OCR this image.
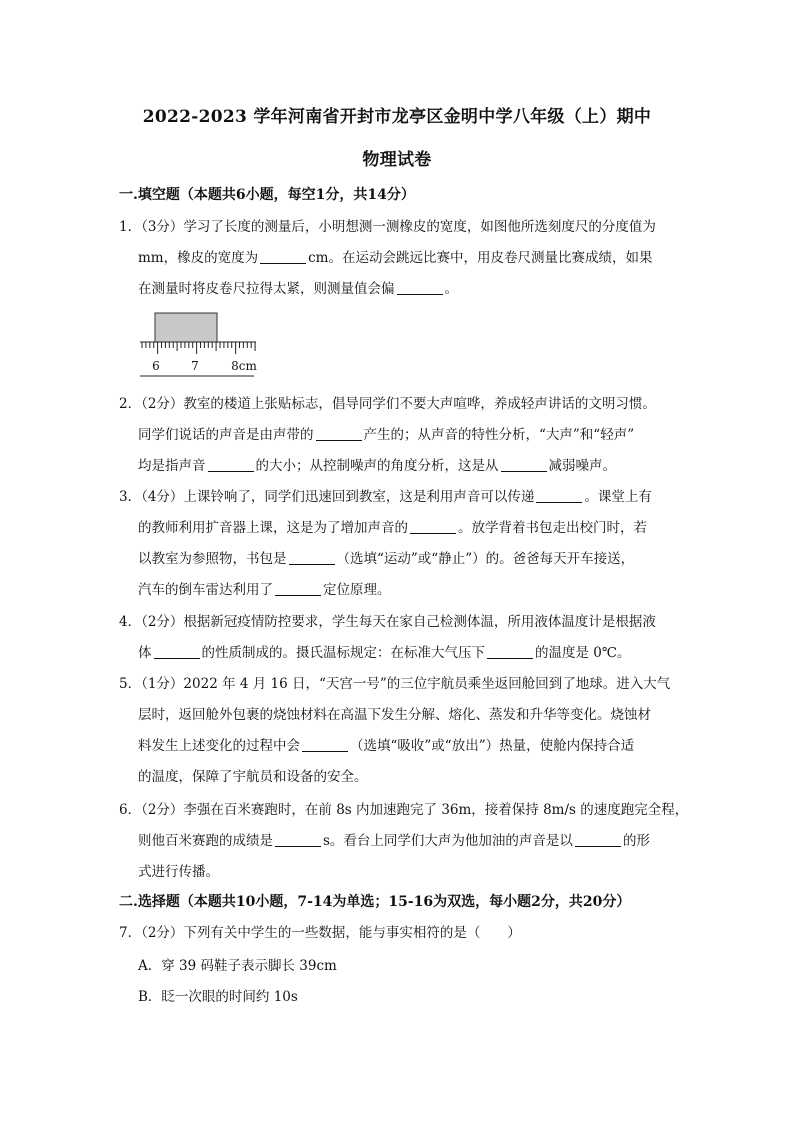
2022-2023 学年河南省开封市龙亭区金明中学八年级（上）期中
物理试卷
一.填空题（本题共6小题，每空1分，共14分）
1．（3分）学习了长度的测量后，小明想测一测橡皮的宽度，如图他所选刻度尺的分度值为
mm，橡皮的宽度为	cm。在运动会跳远比赛中，用皮卷尺测量比赛成绩，如果
在测量时将皮卷尺拉得太紧，则测量值会偏	。
6	7	8cm
2．（2分）教室的楼道上张贴标志，倡导同学们不要大声喧哗，养成轻声讲话的文明习惯。
同学们说话的声音是由声带的	产生的；从声音的特性分析，“大声”和“轻声”
均是指声音	的大小；从控制噪声的角度分析，这是从	减弱噪声。
3．（4分）上课铃响了，同学们迅速回到教室，这是利用声音可以传递	。课堂上有
的教师利用扩音器上课，这是为了增加声音的	。放学背着书包走出校门时，若
以教室为参照物，书包是	（选填“运动”或“静止”）的。爸爸每天开车接送，
汽车的倒车雷达利用了	定位原理。
4．（2分）根据新冠疫情防控要求，学生每天在家自己检测体温，所用液体温度计是根据液
体	的性质制成的。摄氏温标规定：在标准大气压下	的温度是 0℃。
5．（1分）2022 年 4 月 16 日，“天宫一号”的三位宇航员乘坐返回舱回到了地球。进入大气
层时，返回舱外包裹的烧蚀材料在高温下发生分解、熔化、蒸发和升华等变化。烧蚀材
料发生上述变化的过程中会	（选填“吸收”或“放出”）热量，使舱内保持合适
的温度，保障了宇航员和设备的安全。
6．（2分）李强在百米赛跑时，在前 8s 内加速跑完了 36m，接着保持 8m/s 的速度跑完全程，
则他百米赛跑的成绩是	s。看台上同学们大声为他加油的声音是以	的形
式进行传播。
二.选择题（本题共10小题，7-14为单选；15-16为双选，每小题2分，共20分）
7．（2分）下列有关中学生的一些数据，能与事实相符的是（　　）
A．穿 39 码鞋子表示脚长 39cm
B．眨一次眼的时间约 10s
